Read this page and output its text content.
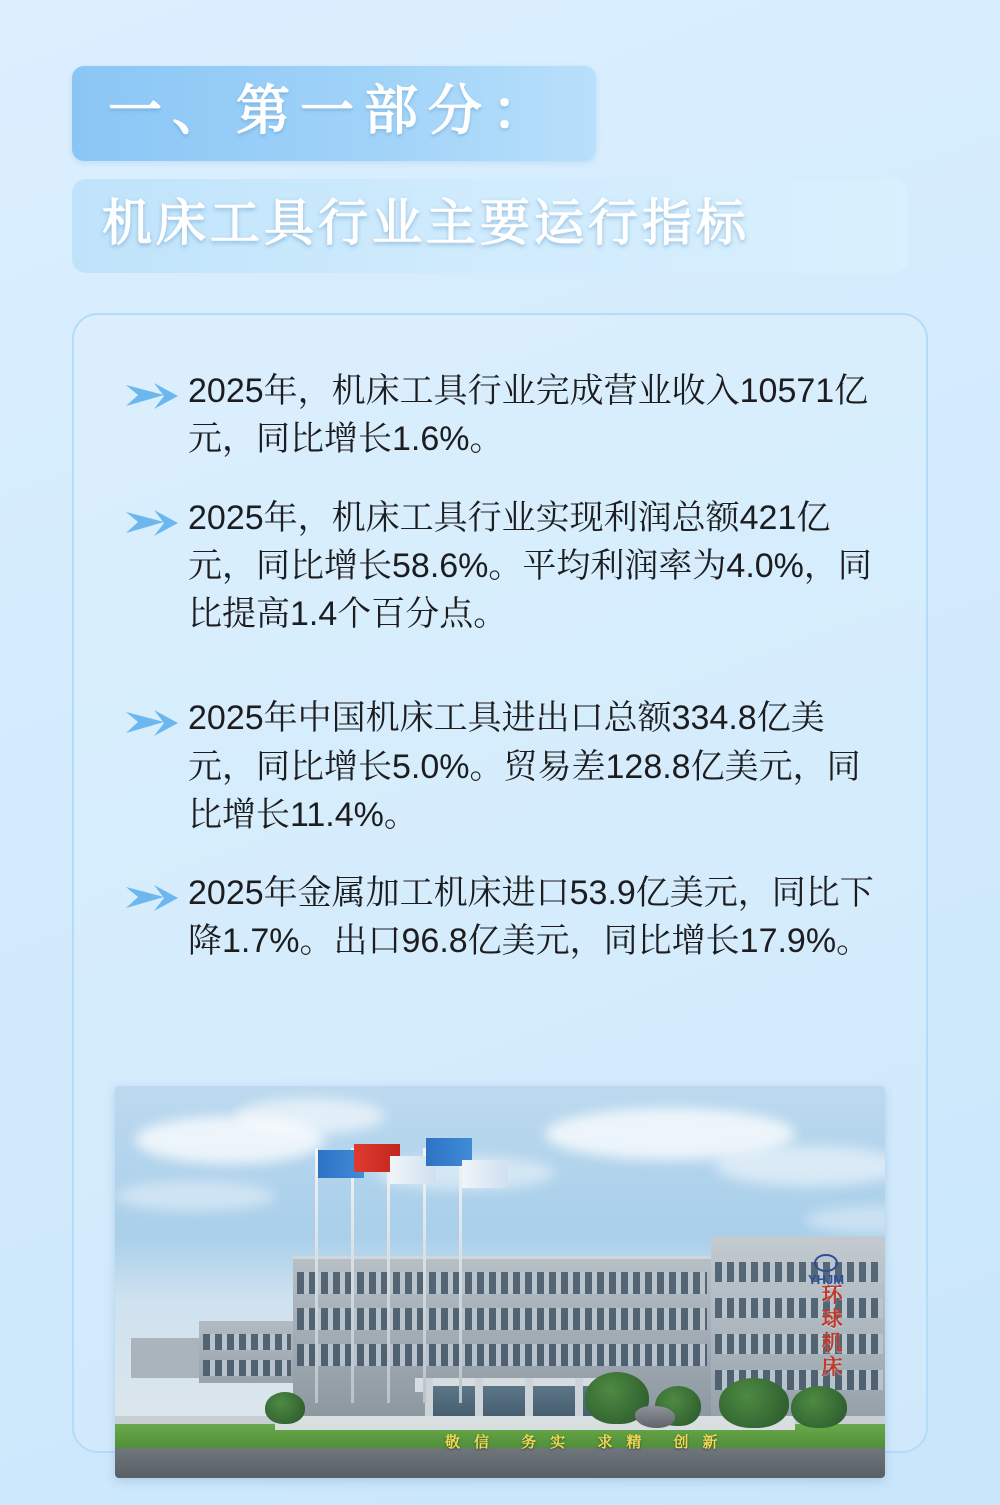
一、第一部分：
机床工具行业主要运行指标
2025年，机床工具行业完成营业收入10571亿元，同比增长1.6%。
2025年，机床工具行业实现利润总额421亿元，同比增长58.6%。平均利润率为4.0%，同比提高1.4个百分点。
2025年中国机床工具进出口总额334.8亿美元，同比增长5.0%。贸易差128.8亿美元，同比增长11.4%。
2025年金属加工机床进口53.9亿美元，同比下降1.7%。出口96.8亿美元，同比增长17.9%。
YHJM
环球机床
敬信 务实 求精 创新
